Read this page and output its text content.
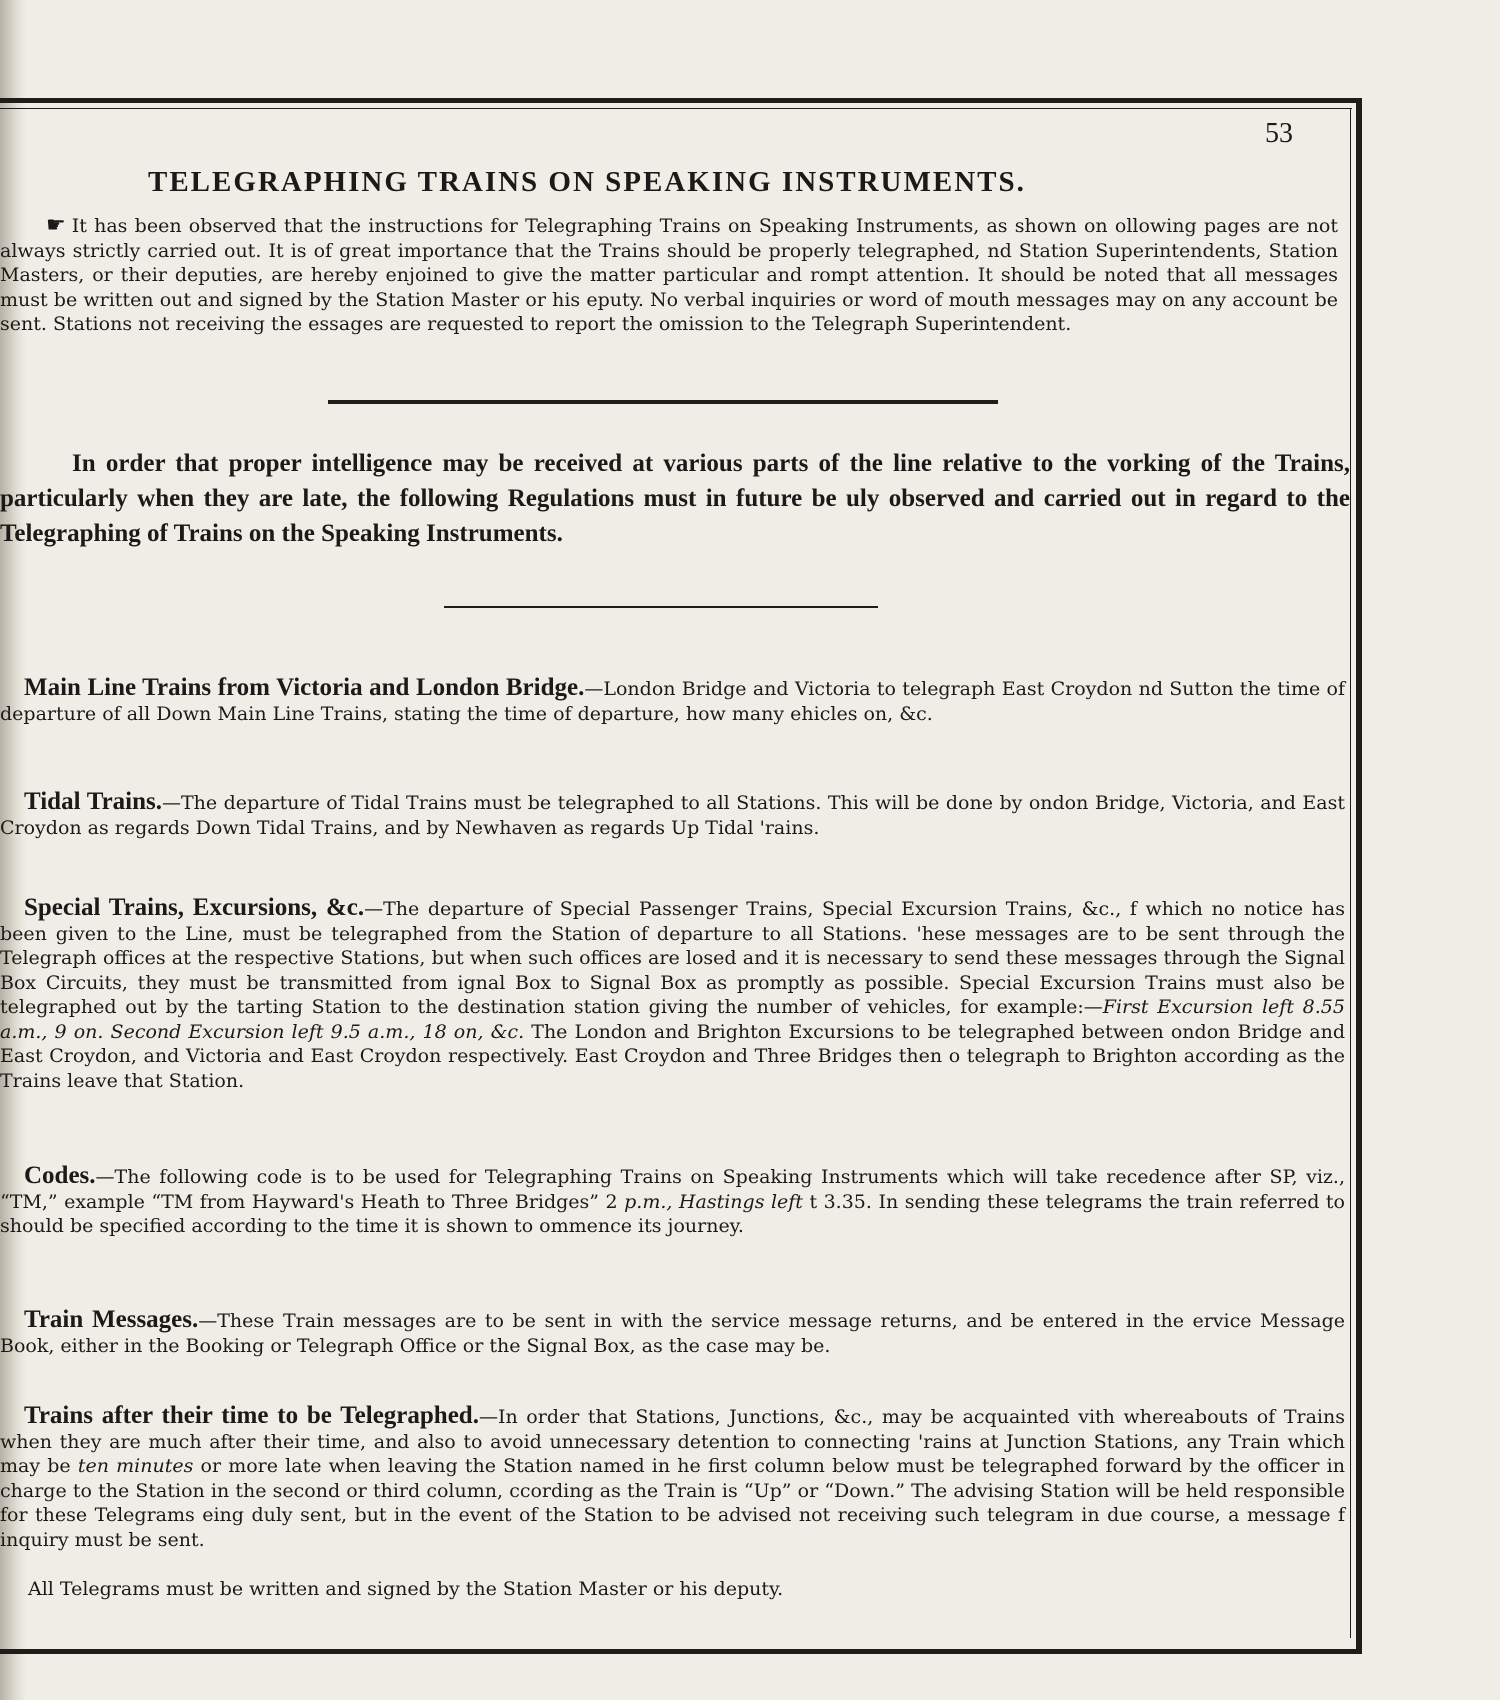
53
TELEGRAPHING TRAINS ON SPEAKING INSTRUMENTS.

☛ It has been observed that the instructions for Telegraphing Trains on Speaking Instruments, as shown on ollowing pages are not always strictly carried out. It is of great importance that the Trains should be properly telegraphed, nd Station Superintendents, Station Masters, or their deputies, are hereby enjoined to give the matter particular and rompt attention. It should be noted that all messages must be written out and signed by the Station Master or his eputy. No verbal inquiries or word of mouth messages may on any account be sent. Stations not receiving the essages are requested to report the omission to the Telegraph Superintendent.

In order that proper intelligence may be received at various parts of the line relative to the vorking of the Trains, particularly when they are late, the following Regulations must in future be uly observed and carried out in regard to the Telegraphing of Trains on the Speaking Instruments.

Main Line Trains from Victoria and London Bridge.—London Bridge and Victoria to telegraph East Croydon nd Sutton the time of departure of all Down Main Line Trains, stating the time of departure, how many ehicles on, &c.

Tidal Trains.—The departure of Tidal Trains must be telegraphed to all Stations. This will be done by ondon Bridge, Victoria, and East Croydon as regards Down Tidal Trains, and by Newhaven as regards Up Tidal 'rains.

Special Trains, Excursions, &c.—The departure of Special Passenger Trains, Special Excursion Trains, &c., f which no notice has been given to the Line, must be telegraphed from the Station of departure to all Stations. 'hese messages are to be sent through the Telegraph offices at the respective Stations, but when such offices are losed and it is necessary to send these messages through the Signal Box Circuits, they must be transmitted from ignal Box to Signal Box as promptly as possible. Special Excursion Trains must also be telegraphed out by the tarting Station to the destination station giving the number of vehicles, for example:—First Excursion left 8.55 a.m., 9 on. Second Excursion left 9.5 a.m., 18 on, &c. The London and Brighton Excursions to be telegraphed between ondon Bridge and East Croydon, and Victoria and East Croydon respectively. East Croydon and Three Bridges then o telegraph to Brighton according as the Trains leave that Station.

Codes.—The following code is to be used for Telegraphing Trains on Speaking Instruments which will take recedence after SP, viz., “TM,” example “TM from Hayward's Heath to Three Bridges” 2 p.m., Hastings left t 3.35. In sending these telegrams the train referred to should be specified according to the time it is shown to ommence its journey.

Train Messages.—These Train messages are to be sent in with the service message returns, and be entered in the ervice Message Book, either in the Booking or Telegraph Office or the Signal Box, as the case may be.

Trains after their time to be Telegraphed.—In order that Stations, Junctions, &c., may be acquainted vith whereabouts of Trains when they are much after their time, and also to avoid unnecessary detention to connecting 'rains at Junction Stations, any Train which may be ten minutes or more late when leaving the Station named in he first column below must be telegraphed forward by the officer in charge to the Station in the second or third column, ccording as the Train is “Up” or “Down.” The advising Station will be held responsible for these Telegrams eing duly sent, but in the event of the Station to be advised not receiving such telegram in due course, a message f inquiry must be sent.

All Telegrams must be written and signed by the Station Master or his deputy.
